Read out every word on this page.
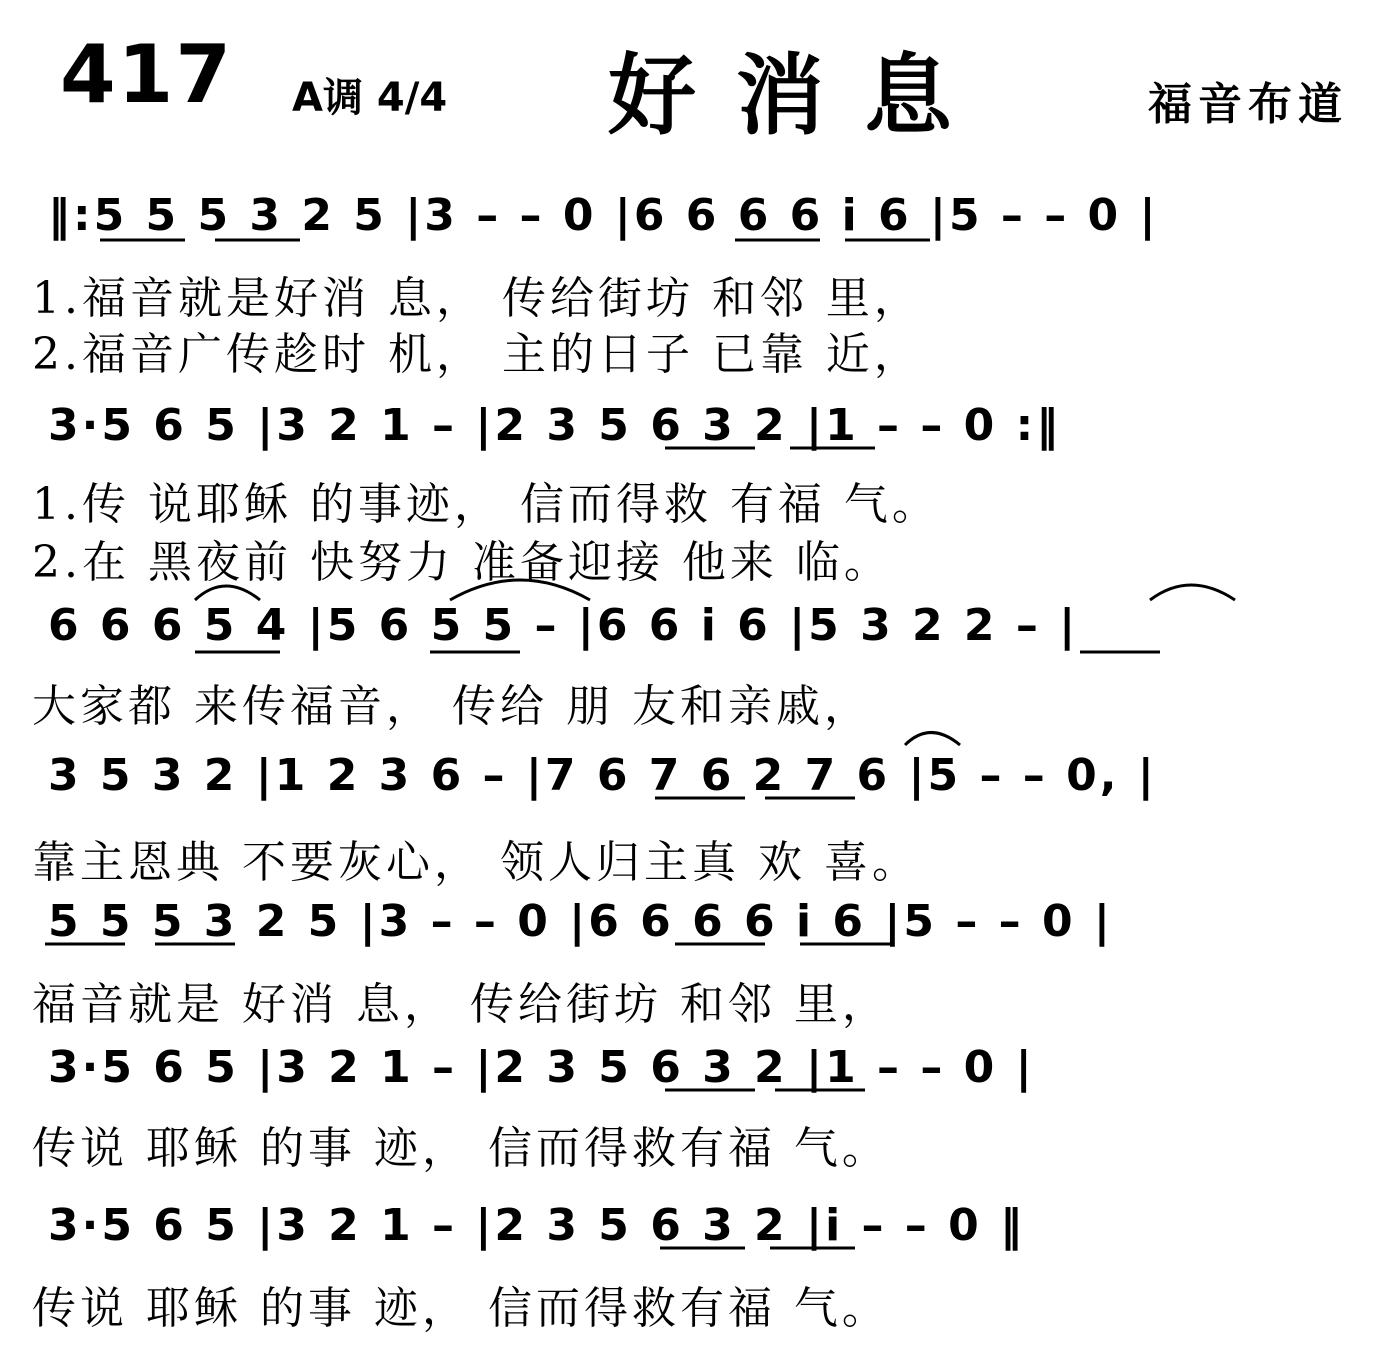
417 A调 4/4 好消息	福音布道
‖:5 5 5 3 2 5 |3 – – 0 |6 6 6 6 i 6 |5 – – 0 |
1.福音就是好消 息， 传给街坊 和邻 里，
2.福音广传趁时 机， 主的日子 已靠 近，
3·5 6 5 |3 2 1 – |2 3 5 6 3 2 |1 – – 0 :‖
1.传 说耶稣 的事迹， 信而得救 有福 气。
2.在 黑夜前 快努力 准备迎接 他来 临。
6 6 6 5 4 |5 6 5 5 – |6 6 i 6 |5 3 2 2 – |
大家都 来传福音， 传给 朋 友和亲戚，
3 5 3 2 |1 2 3 6 – |7 6 7 6 2 7 6 |5 – – 0, |
靠主恩典 不要灰心， 领人归主真 欢 喜。
5 5 5 3 2 5 |3 – – 0 |6 6 6 6 i 6 |5 – – 0 |
福音就是 好消 息， 传给街坊 和邻 里，
3·5 6 5 |3 2 1 – |2 3 5 6 3 2 |1 – – 0 |
传说 耶稣 的事 迹， 信而得救有福 气。
3·5 6 5 |3 2 1 – |2 3 5 6 3 2 |i – – 0 ‖
传说 耶稣 的事 迹， 信而得救有福 气。
